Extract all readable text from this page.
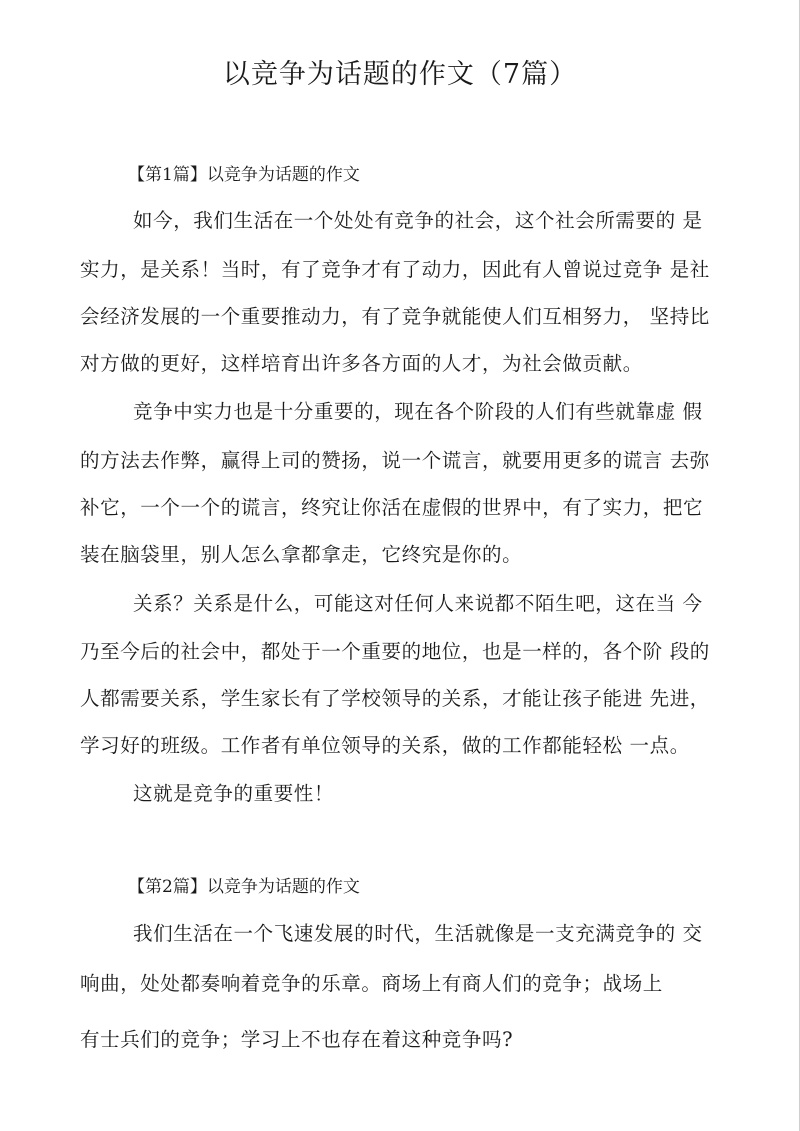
以竞争为话题的作文（7篇）

【第1篇】以竞争为话题的作文

如今，我们生活在一个处处有竞争的社会，这个社会所需要的 是

实力，是关系！当时，有了竞争才有了动力，因此有人曾说过竞争 是社

会经济发展的一个重要推动力，有了竞争就能使人们互相努力， 坚持比

对方做的更好，这样培育出许多各方面的人才，为社会做贡献。

竞争中实力也是十分重要的，现在各个阶段的人们有些就靠虚 假

的方法去作弊，赢得上司的赞扬，说一个谎言，就要用更多的谎言 去弥

补它，一个一个的谎言，终究让你活在虚假的世界中，有了实力，把它

装在脑袋里，别人怎么拿都拿走，它终究是你的。

关系？关系是什么，可能这对任何人来说都不陌生吧，这在当 今

乃至今后的社会中，都处于一个重要的地位，也是一样的，各个阶 段的

人都需要关系，学生家长有了学校领导的关系，才能让孩子能进 先进，

学习好的班级。工作者有单位领导的关系，做的工作都能轻松 一点。

这就是竞争的重要性！

【第2篇】以竞争为话题的作文

我们生活在一个飞速发展的时代，生活就像是一支充满竞争的 交

响曲，处处都奏响着竞争的乐章。商场上有商人们的竞争；战场上

有士兵们的竞争；学习上不也存在着这种竞争吗?
